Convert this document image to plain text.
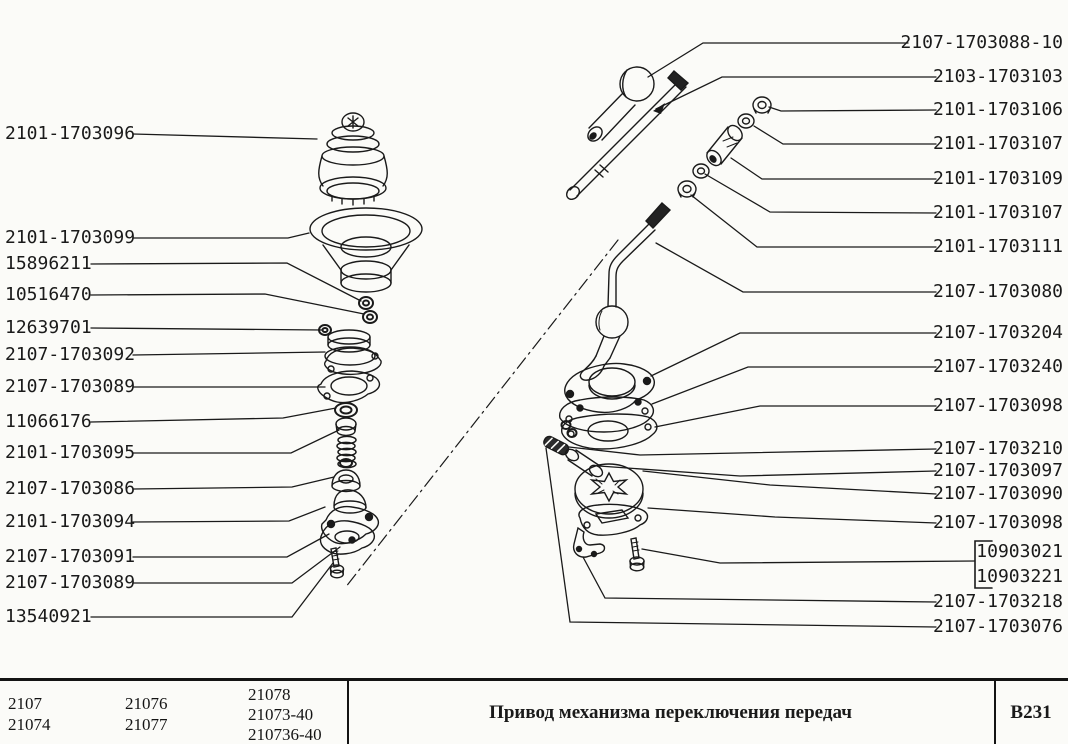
2101-1703096
2101-1703099
15896211
10516470
12639701
2107-1703092
2107-1703089
11066176
2101-1703095
2107-1703086
2101-1703094
2107-1703091
2107-1703089
13540921
2107-1703088-10
2103-1703103
2101-1703106
2101-1703107
2101-1703109
2101-1703107
2101-1703111
2107-1703080
2107-1703204
2107-1703240
2107-1703098
2107-1703210
2107-1703097
2107-1703090
2107-1703098
10903021
10903221
2107-1703218
2107-1703076
2107
21074
21076
21077
21078
21073-40
210736-40
Привод механизма переключения передач	В231
